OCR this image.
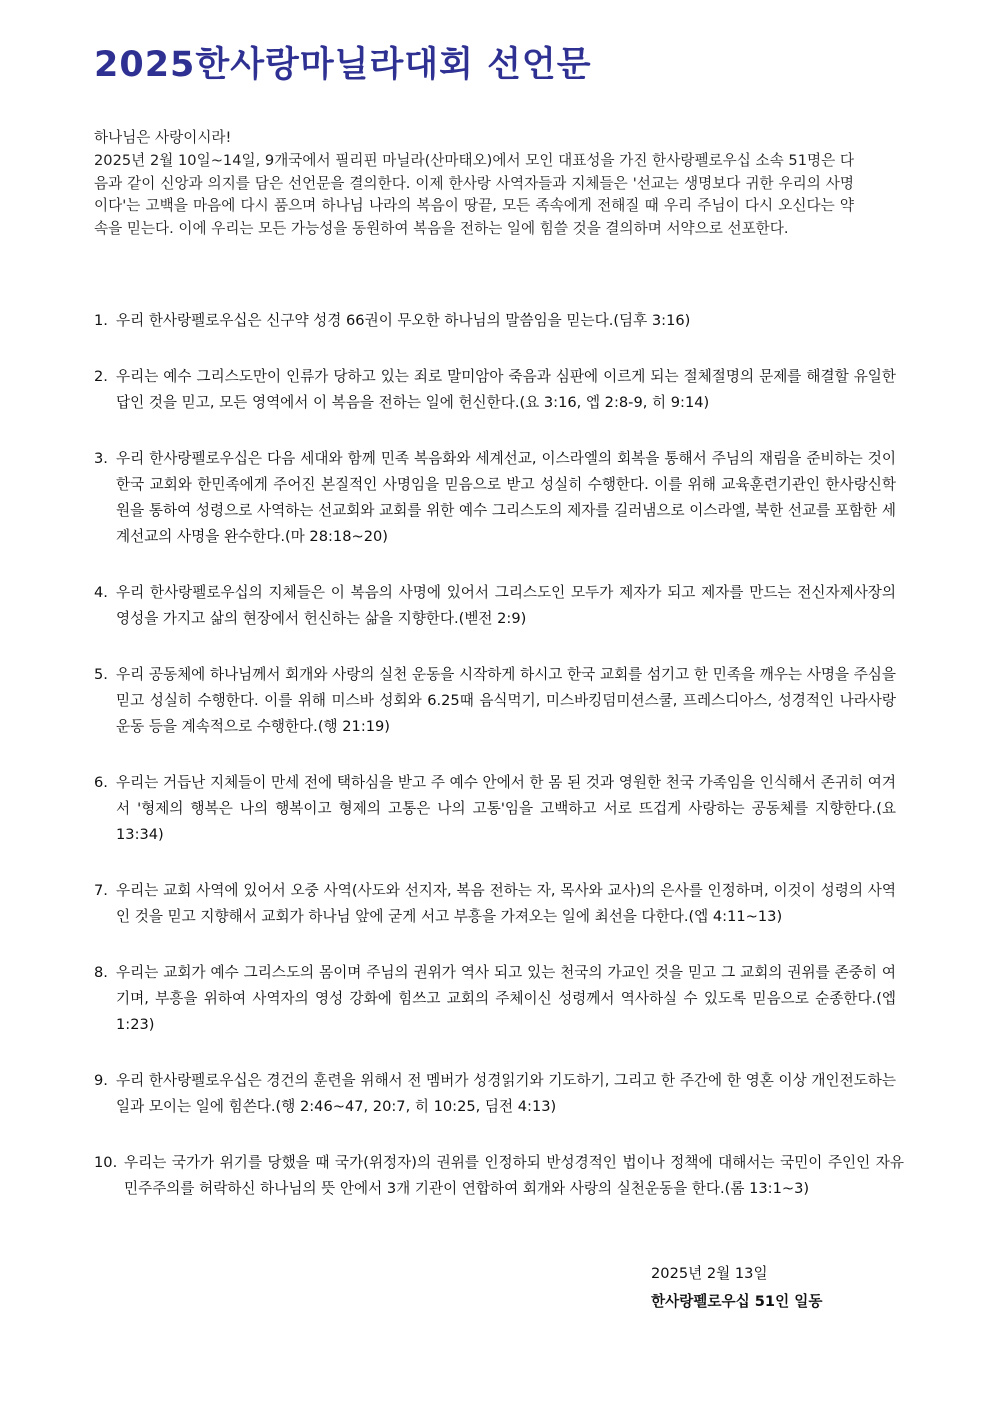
2025한사랑마닐라대회 선언문

하나님은 사랑이시라!

2025년 2월 10일~14일, 9개국에서 필리핀 마닐라(산마태오)에서 모인 대표성을 가진 한사랑펠로우십 소속 51명은 다음과 같이 신앙과 의지를 담은 선언문을 결의한다. 이제 한사랑 사역자들과 지체들은 '선교는 생명보다 귀한 우리의 사명이다'는 고백을 마음에 다시 품으며 하나님 나라의 복음이 땅끝, 모든 족속에게 전해질 때 우리 주님이 다시 오신다는 약속을 믿는다. 이에 우리는 모든 가능성을 동원하여 복음을 전하는 일에 힘쓸 것을 결의하며 서약으로 선포한다.

1. 우리 한사랑펠로우십은 신구약 성경 66권이 무오한 하나님의 말씀임을 믿는다.(딤후 3:16)
2. 우리는 예수 그리스도만이 인류가 당하고 있는 죄로 말미암아 죽음과 심판에 이르게 되는 절체절명의 문제를 해결할 유일한 답인 것을 믿고, 모든 영역에서 이 복음을 전하는 일에 헌신한다.(요 3:16, 엡 2:8-9, 히 9:14)
3. 우리 한사랑펠로우십은 다음 세대와 함께 민족 복음화와 세계선교, 이스라엘의 회복을 통해서 주님의 재림을 준비하는 것이 한국 교회와 한민족에게 주어진 본질적인 사명임을 믿음으로 받고 성실히 수행한다. 이를 위해 교육훈련기관인 한사랑신학원을 통하여 성령으로 사역하는 선교회와 교회를 위한 예수 그리스도의 제자를 길러냄으로 이스라엘, 북한 선교를 포함한 세계선교의 사명을 완수한다.(마 28:18~20)
4. 우리 한사랑펠로우십의 지체들은 이 복음의 사명에 있어서 그리스도인 모두가 제자가 되고 제자를 만드는 전신자제사장의 영성을 가지고 삶의 현장에서 헌신하는 삶을 지향한다.(벧전 2:9)
5. 우리 공동체에 하나님께서 회개와 사랑의 실천 운동을 시작하게 하시고 한국 교회를 섬기고 한 민족을 깨우는 사명을 주심을 믿고 성실히 수행한다. 이를 위해 미스바 성회와 6.25때 음식먹기, 미스바킹덤미션스쿨, 프레스디아스, 성경적인 나라사랑 운동 등을 계속적으로 수행한다.(행 21:19)
6. 우리는 거듭난 지체들이 만세 전에 택하심을 받고 주 예수 안에서 한 몸 된 것과 영원한 천국 가족임을 인식해서 존귀히 여겨서 '형제의 행복은 나의 행복이고 형제의 고통은 나의 고통'임을 고백하고 서로 뜨겁게 사랑하는 공동체를 지향한다.(요 13:34)
7. 우리는 교회 사역에 있어서 오중 사역(사도와 선지자, 복음 전하는 자, 목사와 교사)의 은사를 인정하며, 이것이 성령의 사역인 것을 믿고 지향해서 교회가 하나님 앞에 굳게 서고 부흥을 가져오는 일에 최선을 다한다.(엡 4:11~13)
8. 우리는 교회가 예수 그리스도의 몸이며 주님의 권위가 역사 되고 있는 천국의 가교인 것을 믿고 그 교회의 권위를 존중히 여기며, 부흥을 위하여 사역자의 영성 강화에 힘쓰고 교회의 주체이신 성령께서 역사하실 수 있도록 믿음으로 순종한다.(엡 1:23)
9. 우리 한사랑펠로우십은 경건의 훈련을 위해서 전 멤버가 성경읽기와 기도하기, 그리고 한 주간에 한 영혼 이상 개인전도하는 일과 모이는 일에 힘쓴다.(행 2:46~47, 20:7, 히 10:25, 딤전 4:13)
10. 우리는 국가가 위기를 당했을 때 국가(위정자)의 권위를 인정하되 반성경적인 법이나 정책에 대해서는 국민이 주인인 자유 민주주의를 허락하신 하나님의 뜻 안에서 3개 기관이 연합하여 회개와 사랑의 실천운동을 한다.(롬 13:1~3)
2025년 2월 13일
한사랑펠로우십 51인 일동
